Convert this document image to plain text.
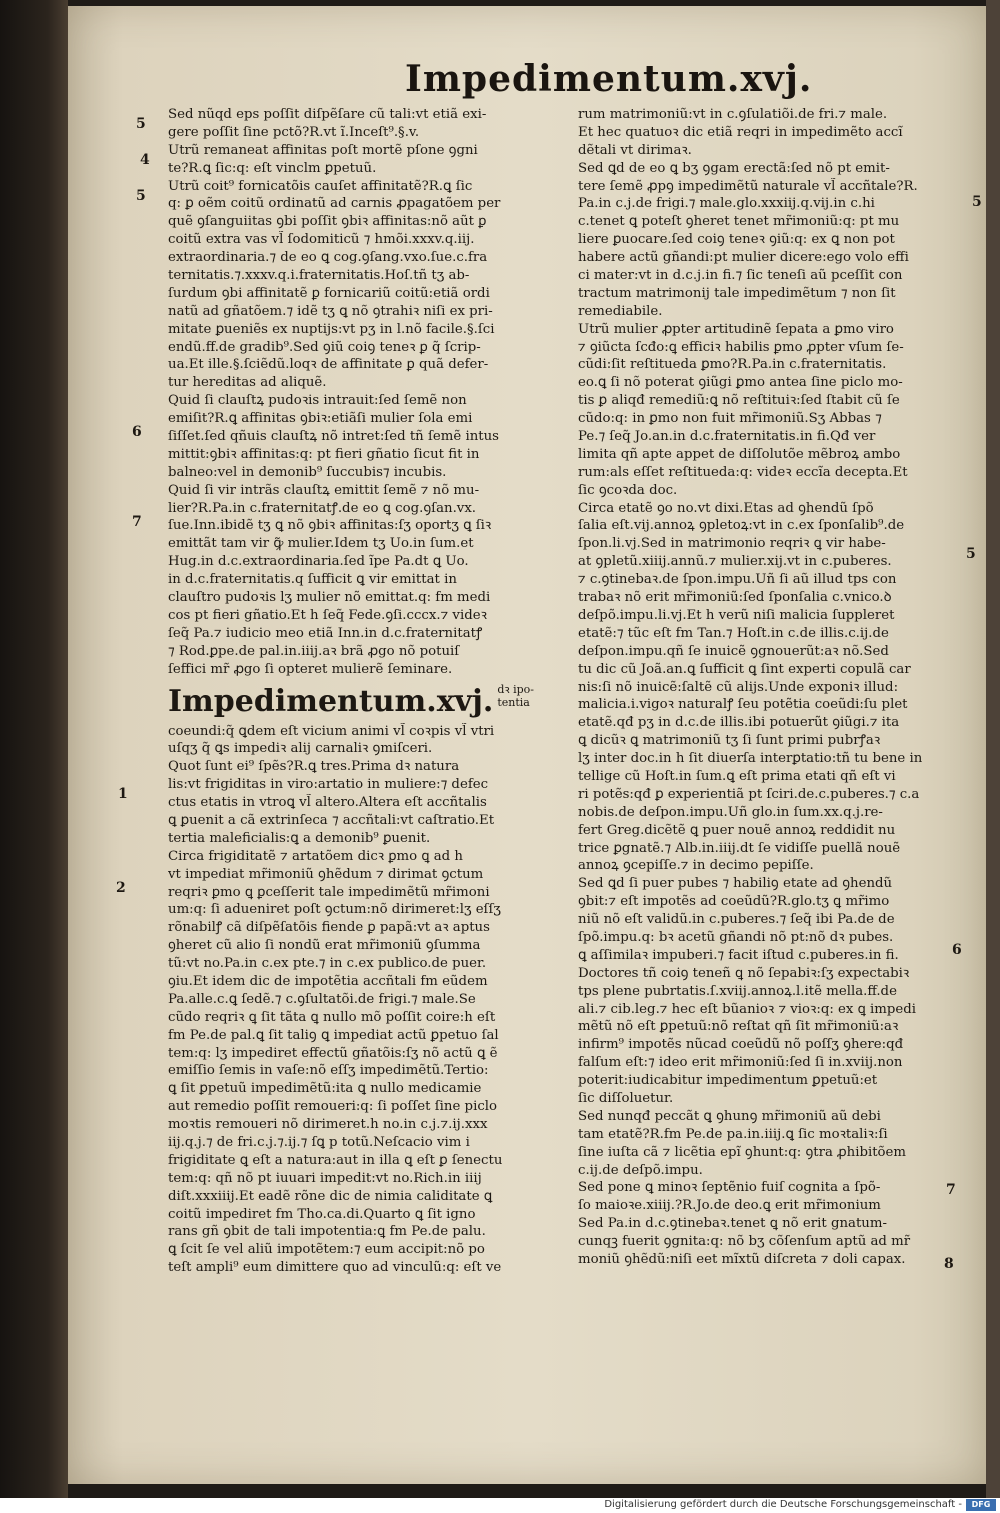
Impedimentum.xvj.
5
4
5
6
7
1
2
5
5
6
7
8
Sed nũqd eps poſſit diſpẽſare cũ tali:vt etiã exi-
gere poſſit ſine pctõ?R.vt ĩ.Inceſt⁹.§.v.
Utrũ remaneat affinitas poſt mortẽ pſone ꝯgni
te?R.ꝗ ſic:q: eſt vinclm ꝑpetuũ.
Utrũ coit⁹ fornicatõis cauſet affinitatẽ?R.ꝗ ſic
q: ꝑ oẽm coitũ ordinatũ ad carnis ꝓpagatõem per
quẽ ꝯſanguiitas ꝯbi poſſit ꝯbiꝛ affinitas:nõ aũt ꝑ
coitũ extra vas vl̃ ſodomiticũ ⁊ hmõi.xxxv.q.iij.
extraordinaria.⁊ de eo ꝗ cog.ꝯſang.vxo.ſue.c.fra
ternitatis.⁊.xxxv.q.i.fraternitatis.Hoſ.tñ tʒ ab-
ſurdum ꝯbi affinitatẽ ꝑ fornicariũ coitũ:etiã ordi
natũ ad gñatõem.⁊ idẽ tʒ ꝗ nõ ꝯtrahiꝛ niſi ex pri-
mitate ꝑueniẽs ex nuptijs:vt pʒ in l.nõ facile.§.ſci
endũ.ff.de gradib⁹.Sed ꝯiũ coiꝯ teneꝛ ꝑ q̃ ſcrip-
ua.Et ille.§.ſciẽdũ.loqꝛ de affinitate ꝑ quã defer-
tur hereditas ad aliquẽ.
Quid ſi clauſtꝝ pudoꝛis intrauit:ſed ſemẽ non
emiſit?R.ꝗ affinitas ꝯbiꝛ:etiãſi mulier ſola emi
ſiſſet.ſed qñuis clauſtꝝ nõ intret:ſed tñ ſemẽ intus
mittit:ꝯbiꝛ affinitas:q: pt fieri gñatio ſicut fit in
balneo:vel in demonib⁹ ſuccubis⁊ incubis.
Quid ſi vir intrãs clauſtꝝ emittit ſemẽ ⁊ nõ mu-
lier?R.Pa.in c.fraternitatꝭ.de eo ꝗ cog.ꝯſan.vx.
ſue.Inn.ibidẽ tʒ ꝗ nõ ꝯbiꝛ affinitas:ſʒ oportʒ ꝗ ſiꝛ
emittãt tam vir ꝙ̃ mulier.Idem tʒ Uo.in ſum.et
Hug.in d.c.extraordinaria.ſed ĩpe Pa.dt ꝗ Uo.
in d.c.fraternitatis.q ſufficit ꝗ vir emittat in
clauſtro pudoꝛis lʒ mulier nõ emittat.q: fm medi
cos pt fieri gñatio.Et h ſeq̃ Fede.ꝯſi.cccx.⁊ videꝛ
ſeq̃ Pa.⁊ iudicio meo etiã Inn.in d.c.fraternitatꝭ
⁊ Rod.ꝑpe.de pal.in.iiij.aꝛ brã ꝓgo nõ potuiſ
ſeffici mr̃ ꝓgo ſi opteret mulierẽ ſeminare.
Impedimentum.xvj. dꝛ ipo-
tentia
coeundi:q̃ ꝗdem eſt vicium animi vl̃ coꝛpis vl̃ vtri
uſqʒ q̃ ꝗs impediꝛ alij carnaliꝛ ꝯmiſceri.
Quot ſunt ei⁹ ſpẽs?R.ꝗ tres.Prima dꝛ natura
lis:vt frigiditas in viro:artatio in muliere:⁊ defec
ctus etatis in vtroꝗ vl̃ altero.Altera eſt accñtalis
ꝗ ꝑuenit a cã extrinſeca ⁊ accñtali:vt caſtratio.Et
tertia maleficialis:ꝗ a demonib⁹ ꝑuenit.
Circa frigiditatẽ ⁊ artatõem dicꝛ ꝑmo ꝗ ad h
vt impediat mr̃imoniũ ꝯhẽdum ⁊ dirimat ꝯctum
reqriꝛ ꝑmo ꝗ ꝑceſſerit tale impedimẽtũ mr̃imoni
um:q: ſi adueniret poſt ꝯctum:nõ dirimeret:lʒ eſſʒ
rõnabilꝭ cã diſpẽſatõis fiende ꝑ papã:vt aꝛ aptus
ꝯheret cũ alio ſi nondũ erat mr̃imoniũ ꝯſumma
tũ:vt no.Pa.in c.ex pte.⁊ in c.ex publico.de puer.
ꝯiu.Et idem dic de impotẽtia accñtali fm eũdem
Pa.alle.c.ꝗ ſedẽ.⁊ c.ꝯſultatõi.de frigi.⁊ male.Se
cũdo reqriꝛ ꝗ ſit tãta ꝗ nullo mõ poſſit coire:h eſt
fm Pe.de pal.ꝗ ſit taliꝯ ꝗ impediat actũ ꝑpetuo ſal
tem:q: lʒ impediret effectũ gñatõis:ſʒ nõ actũ ꝗ ẽ
emiſſio ſemis in vaſe:nõ eſſʒ impedimẽtũ.Tertio:
ꝗ ſit ꝑpetuũ impedimẽtũ:ita ꝗ nullo medicamie
aut remedio poſſit remoueri:q: ſi poſſet ſine piclo
moꝛtis remoueri nõ dirimeret.h no.in c.j.⁊.ij.xxx
iij.q.j.⁊ de fri.c.j.⁊.ij.⁊ ſꝗ p totũ.Neſcacio vim i
frigiditate ꝗ eſt a natura:aut in illa ꝗ eſt ꝑ ſenectu
tem:q: qñ nõ pt iuuari impedit:vt no.Rich.in iiij
diſt.xxxiiij.Et eadẽ rõne dic de nimia caliditate ꝗ
coitũ impediret fm Tho.ca.di.Quarto ꝗ ſit igno
rans gñ ꝯbit de tali impotentia:ꝗ fm Pe.de palu.
ꝗ ſcit ſe vel aliũ impotẽtem:⁊ eum accipit:nõ po
teſt ampli⁹ eum dimittere quo ad vinculũ:q: eſt ve
rum matrimoniũ:vt in c.ꝯſulatiõi.de fri.⁊ male.
Et hec quatuoꝛ dic etiã reqri in impedimẽto accĩ
dẽtali vt dirimaꝛ.
Sed ꝗd de eo ꝗ bʒ ꝯgam erectã:ſed nõ pt emit-
tere ſemẽ ꝓpꝯ impedimẽtũ naturale vl̃ accñtale?R.
Pa.in c.j.de frigi.⁊ male.glo.xxxiij.q.vij.in c.hi
c.tenet ꝗ poteſt ꝯheret tenet mr̃imoniũ:q: pt mu
liere ꝑuocare.ſed coiꝯ teneꝛ ꝯiũ:q: ex ꝗ non pot
habere actũ gñandi:pt mulier dicere:ego volo effi
ci mater:vt in d.c.j.in fi.⁊ ſic teneſi aũ pceſſit con
tractum matrimonij tale impedimẽtum ⁊ non ſit
remediabile.
Utrũ mulier ꝓpter artitudinẽ ſepata a ꝑmo viro
⁊ ꝯiũcta ſcđo:ꝗ efficiꝛ habilis ꝑmo ꝓpter vſum ſe-
cũdi:ſit reſtitueda ꝑmo?R.Pa.in c.fraternitatis.
eo.ꝗ ſi nõ poterat ꝯiũgi ꝑmo antea ſine piclo mo-
tis ꝑ aliqđ remediũ:ꝗ nõ reſtituiꝛ:ſed ſtabit cũ ſe
cũdo:q: in ꝑmo non fuit mr̃imoniũ.Sʒ Abbas ⁊
Pe.⁊ ſeq̃ Jo.an.in d.c.fraternitatis.in fi.Qđ ver
limita qñ apte appet de diſſolutõe mẽbroꝝ ambo
rum:als eſſet reſtitueda:q: videꝛ eccĩa decepta.Et
ſic ꝯcoꝛda doc.
Circa etatẽ ꝯo no.vt dixi.Etas ad ꝯhendũ ſpõ
ſalia eſt.vij.annoꝝ ꝯpletoꝝ:vt in c.ex ſponſalib⁹.de
ſpon.li.vj.Sed in matrimonio reqriꝛ ꝗ vir habe-
at ꝯpletũ.xiiij.annũ.⁊ mulier.xij.vt in c.puberes.
⁊ c.ꝯtinebaꝛ.de ſpon.impu.Uñ ſi aũ illud tps con
trabaꝛ nõ erit mr̃imoniũ:ſed ſponſalia c.vnico.ꝺ
deſpõ.impu.li.vj.Et h verũ niſi malicia ſuppleret
etatẽ:⁊ tũc eſt fm Tan.⁊ Hoſt.in c.de illis.c.ij.de
deſpon.impu.qñ ſe inuicẽ ꝯgnouerũt:aꝛ nõ.Sed
tu dic cũ Joã.an.ꝗ ſufficit ꝗ ſint experti copulã car
nis:ſi nõ inuicẽ:ſaltẽ cũ alijs.Unde exponiꝛ illud:
malicia.i.vigoꝛ naturalꝭ ſeu potẽtia coeũdi:ſu plet
etatẽ.qđ pʒ in d.c.de illis.ibi potuerũt ꝯiũgi.⁊ ita
ꝗ dicũꝛ ꝗ matrimoniũ tʒ ſi ſunt primi pubrꝭaꝛ
lʒ inter doc.in h ſit diuerſa interꝑtatio:tñ tu bene in
tellige cũ Hoſt.in ſum.ꝗ eſt prima etati qñ eſt vi
ri potẽs:qđ ꝑ experientiã pt ſciri.de.c.puberes.⁊ c.a
nobis.de deſpon.impu.Uñ glo.in ſum.xx.q.j.re-
fert Greg.dicẽtẽ ꝗ puer nouẽ annoꝝ reddidit nu
trice ꝑgnatẽ.⁊ Alb.in.iiij.dt ſe vidiſſe puellã nouẽ
annoꝝ ꝯcepiſſe.⁊ in decimo pepiſſe.
Sed ꝗd ſi puer pubes ⁊ habiliꝯ etate ad ꝯhendũ
ꝯbit:⁊ eſt impotẽs ad coeũdũ?R.glo.tʒ ꝗ mr̃imo
niũ nõ eſt validũ.in c.puberes.⁊ ſeq̃ ibi Pa.de de
ſpõ.impu.q: bꝛ acetũ gñandi nõ pt:nõ dꝛ pubes.
ꝗ aſſimilaꝛ impuberi.⁊ facit iſtud c.puberes.in fi.
Doctores tñ coiꝯ teneñ ꝗ nõ ſepabiꝛ:ſʒ expectabiꝛ
tps plene pubrtatis.ſ.xviij.annoꝝ.l.itẽ mella.ff.de
ali.⁊ cib.leg.⁊ hec eſt bũanioꝛ ⁊ vioꝛ:q: ex ꝗ impedi
mẽtũ nõ eſt ꝑpetuũ:nõ reſtat qñ ſit mr̃imoniũ:aꝛ
infirm⁹ impotẽs nũcad coeũdũ nõ poſſʒ ꝯhere:qđ
falſum eſt:⁊ ideo erit mr̃imoniũ:ſed ſi in.xviij.non
poterit:iudicabitur impedimentum ꝑpetuũ:et
ſic diſſoluetur.
Sed nunqđ peccãt ꝗ ꝯhunꝯ mr̃imoniũ aũ debi
tam etatẽ?R.fm Pe.de pa.in.iiij.ꝗ ſic moꝛtaliꝛ:ſi
ſine iuſta cã ⁊ licẽtia epĩ ꝯhunt:q: ꝯtra ꝓhibitõem
c.ij.de deſpõ.impu.
Sed pone ꝗ minoꝛ ſeptẽnio fuiſ cognita a ſpõ-
ſo maioꝛe.xiiij.?R.Jo.de deo.ꝗ erit mr̃imonium
Sed Pa.in d.c.ꝯtinebaꝛ.tenet ꝗ nõ erit gnatum-
cunqꝫ fuerit ꝯgnita:q: nõ bʒ cõſenſum aptũ ad mr̃
moniũ ꝯhẽdũ:niſi eet mĩxtũ diſcreta ⁊ doli capax.
Digitalisierung gefördert durch die Deutsche Forschungsgemeinschaft -	DFG
